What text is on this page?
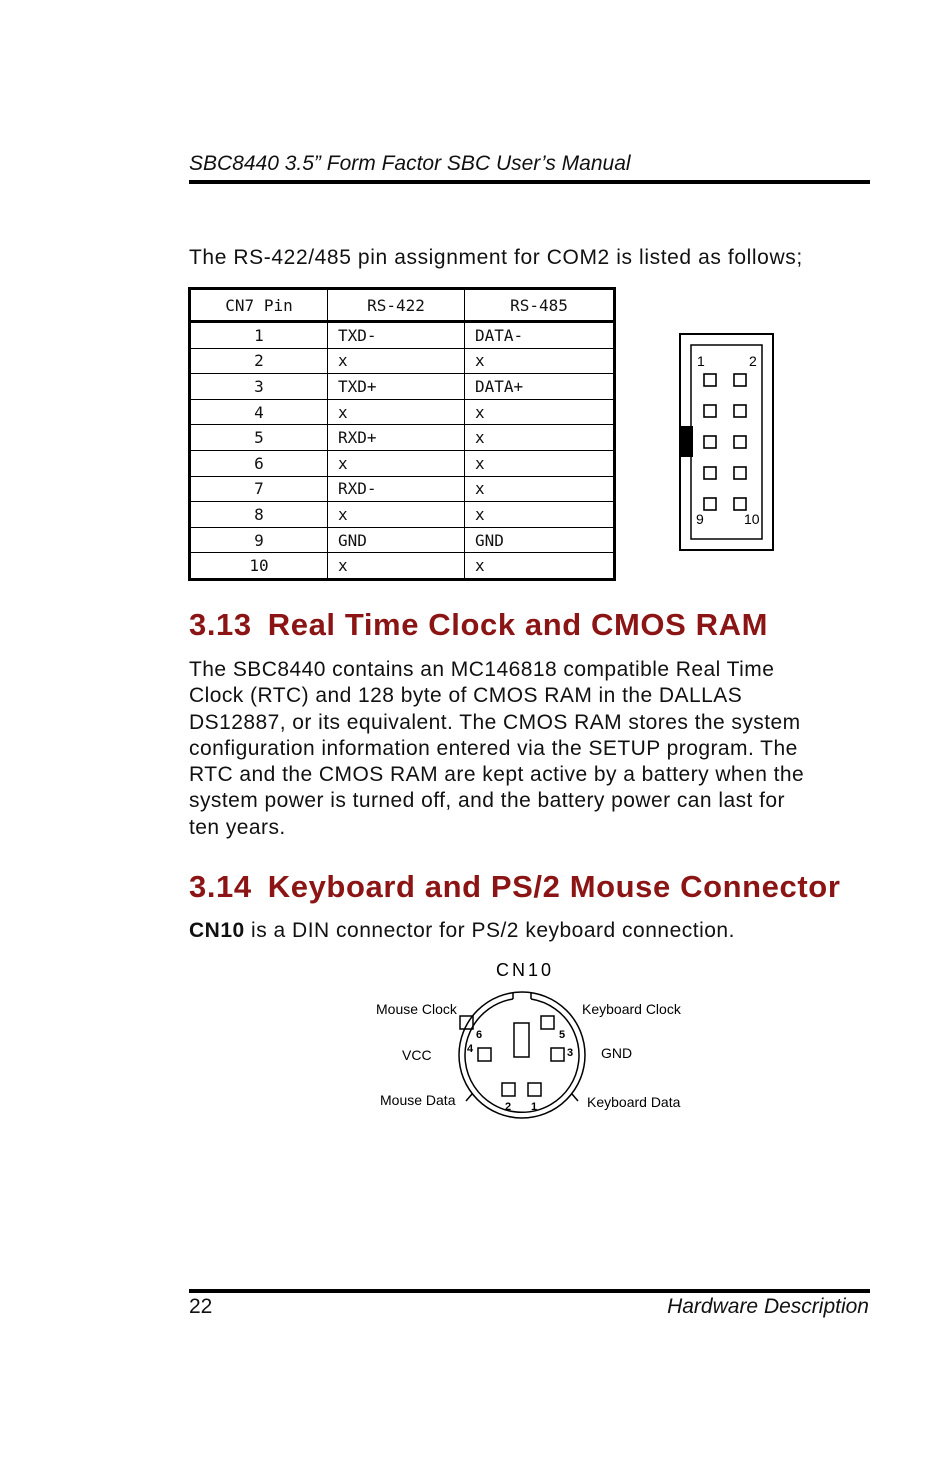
SBC8440 3.5” Form Factor SBC User’s Manual
The RS-422/485 pin assignment for COM2 is listed as follows;
CN7 Pin	RS-422	RS-485
1	TXD-	DATA-
2	x	x
3	TXD+	DATA+
4	x	x
5	RXD+	x
6	x	x
7	RXD-	x
8	x	x
9	GND	GND
10	x	x
1	2
9	10
3.13 Real Time Clock and CMOS RAM
The SBC8440 contains an MC146818 compatible Real Time
Clock (RTC) and 128 byte of CMOS RAM in the DALLAS
DS12887, or its equivalent. The CMOS RAM stores the system
configuration information entered via the SETUP program. The
RTC and the CMOS RAM are kept active by a battery when the
system power is turned off, and the battery power can last for
ten years.
3.14 Keyboard and PS/2 Mouse Connector
CN10 is a DIN connector for PS/2 keyboard connection.
CN10
Mouse Clock	Keyboard Clock
VCC	GND
Mouse Data	Keyboard Data
6	5
4	3
2 1
22	Hardware Description
